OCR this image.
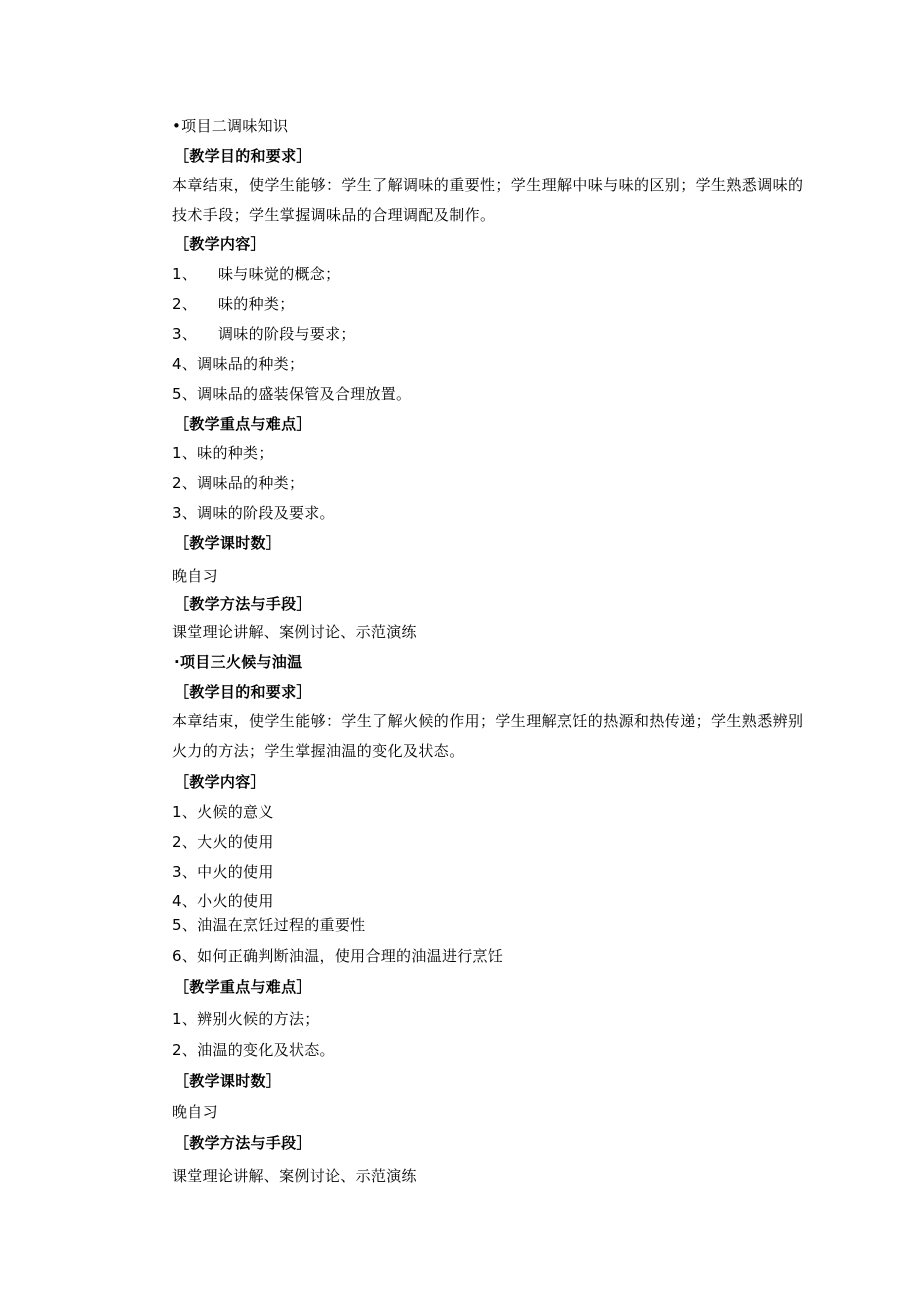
•项目二调味知识
［教学目的和要求］
本章结束，使学生能够：学生了解调味的重要性；学生理解中味与味的区别；学生熟悉调味的技术手段；学生掌握调味品的合理调配及制作。
［教学内容］
1、 味与味觉的概念；
2、 味的种类；
3、 调味的阶段与要求；
4、调味品的种类；
5、调味品的盛装保管及合理放置。
［教学重点与难点］
1、味的种类；
2、调味品的种类；
3、调味的阶段及要求。
［教学课时数］
晚自习
［教学方法与手段］
课堂理论讲解、案例讨论、示范演练
·项目三火候与油温
［教学目的和要求］
本章结束，使学生能够：学生了解火候的作用；学生理解烹饪的热源和热传递；学生熟悉辨别火力的方法；学生掌握油温的变化及状态。
［教学内容］
1、火候的意义
2、大火的使用
3、中火的使用
4、小火的使用
5、油温在烹饪过程的重要性
6、如何正确判断油温，使用合理的油温进行烹饪
［教学重点与难点］
1、辨别火候的方法；
2、油温的变化及状态。
［教学课时数］
晚自习
［教学方法与手段］
课堂理论讲解、案例讨论、示范演练
